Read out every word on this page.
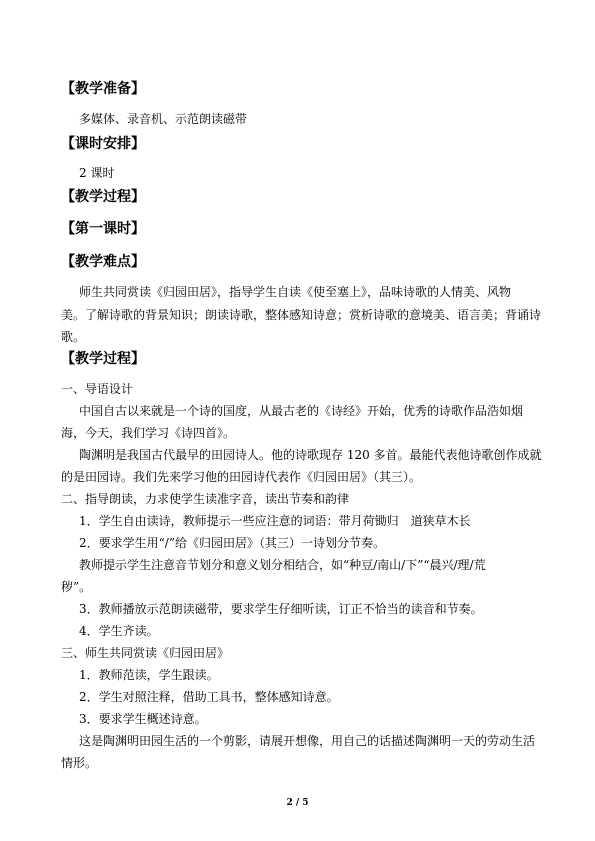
【教学准备】
多媒体、录音机、示范朗读磁带
【课时安排】
2 课时
【教学过程】
【第一课时】
【教学难点】
师生共同赏读《归园田居》，指导学生自读《使至塞上》，品味诗歌的人情美、风物
美。了解诗歌的背景知识；朗读诗歌，整体感知诗意；赏析诗歌的意境美、语言美；背诵诗
歌。
【教学过程】
一、导语设计
中国自古以来就是一个诗的国度，从最古老的《诗经》开始，优秀的诗歌作品浩如烟
海，今天，我们学习《诗四首》。
陶渊明是我国古代最早的田园诗人。他的诗歌现存 120 多首。最能代表他诗歌创作成就
的是田园诗。我们先来学习他的田园诗代表作《归园田居》（其三）。
二、指导朗读，力求使学生读准字音，读出节奏和韵律
1．学生自由读诗，教师提示一些应注意的词语：带月荷锄归　道狭草木长
2．要求学生用“/”给《归园田居》（其三）一诗划分节奏。
教师提示学生注意音节划分和意义划分相结合，如“种豆/南山/下”“晨兴/理/荒
秽”。
3．教师播放示范朗读磁带，要求学生仔细听读，订正不恰当的读音和节奏。
4．学生齐读。
三、师生共同赏读《归园田居》
1．教师范读，学生跟读。
2．学生对照注释，借助工具书，整体感知诗意。
3．要求学生概述诗意。
这是陶渊明田园生活的一个剪影，请展开想像，用自己的话描述陶渊明一天的劳动生活
情形。
2 / 5
